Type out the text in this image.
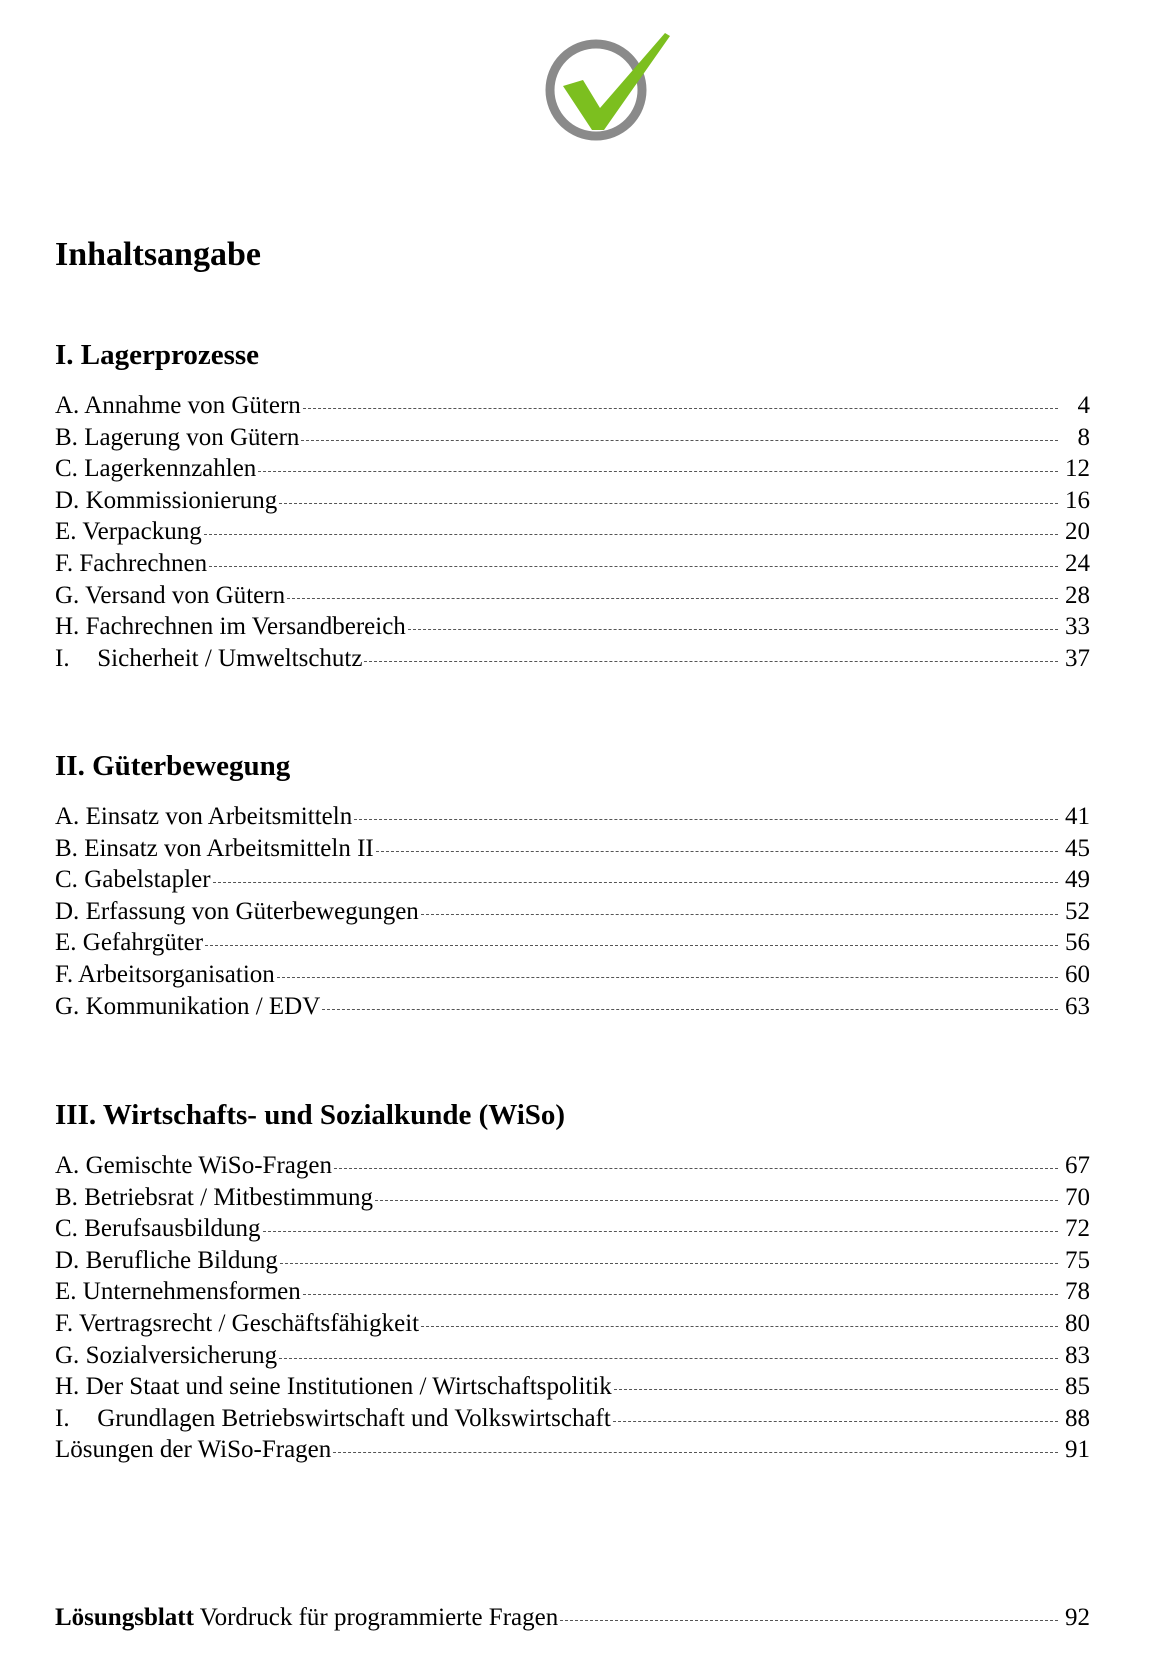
Inhaltsangabe
I. Lagerprozesse
A. Annahme von Gütern	4
B. Lagerung von Gütern	8
C. Lagerkennzahlen	12
D. Kommissionierung	16
E. Verpackung	20
F. Fachrechnen	24
G. Versand von Gütern	28
H. Fachrechnen im Versandbereich	33
I. Sicherheit / Umweltschutz	37
II. Güterbewegung
A. Einsatz von Arbeitsmitteln	41
B. Einsatz von Arbeitsmitteln II	45
C. Gabelstapler	49
D. Erfassung von Güterbewegungen	52
E. Gefahrgüter	56
F. Arbeitsorganisation	60
G. Kommunikation / EDV	63
III. Wirtschafts- und Sozialkunde (WiSo)
A. Gemischte WiSo-Fragen	67
B. Betriebsrat / Mitbestimmung	70
C. Berufsausbildung	72
D. Berufliche Bildung	75
E. Unternehmensformen	78
F. Vertragsrecht / Geschäftsfähigkeit	80
G. Sozialversicherung	83
H. Der Staat und seine Institutionen / Wirtschaftspolitik	85
I. Grundlagen Betriebswirtschaft und Volkswirtschaft	88
Lösungen der WiSo-Fragen	91
Lösungsblatt Vordruck für programmierte Fragen	92
